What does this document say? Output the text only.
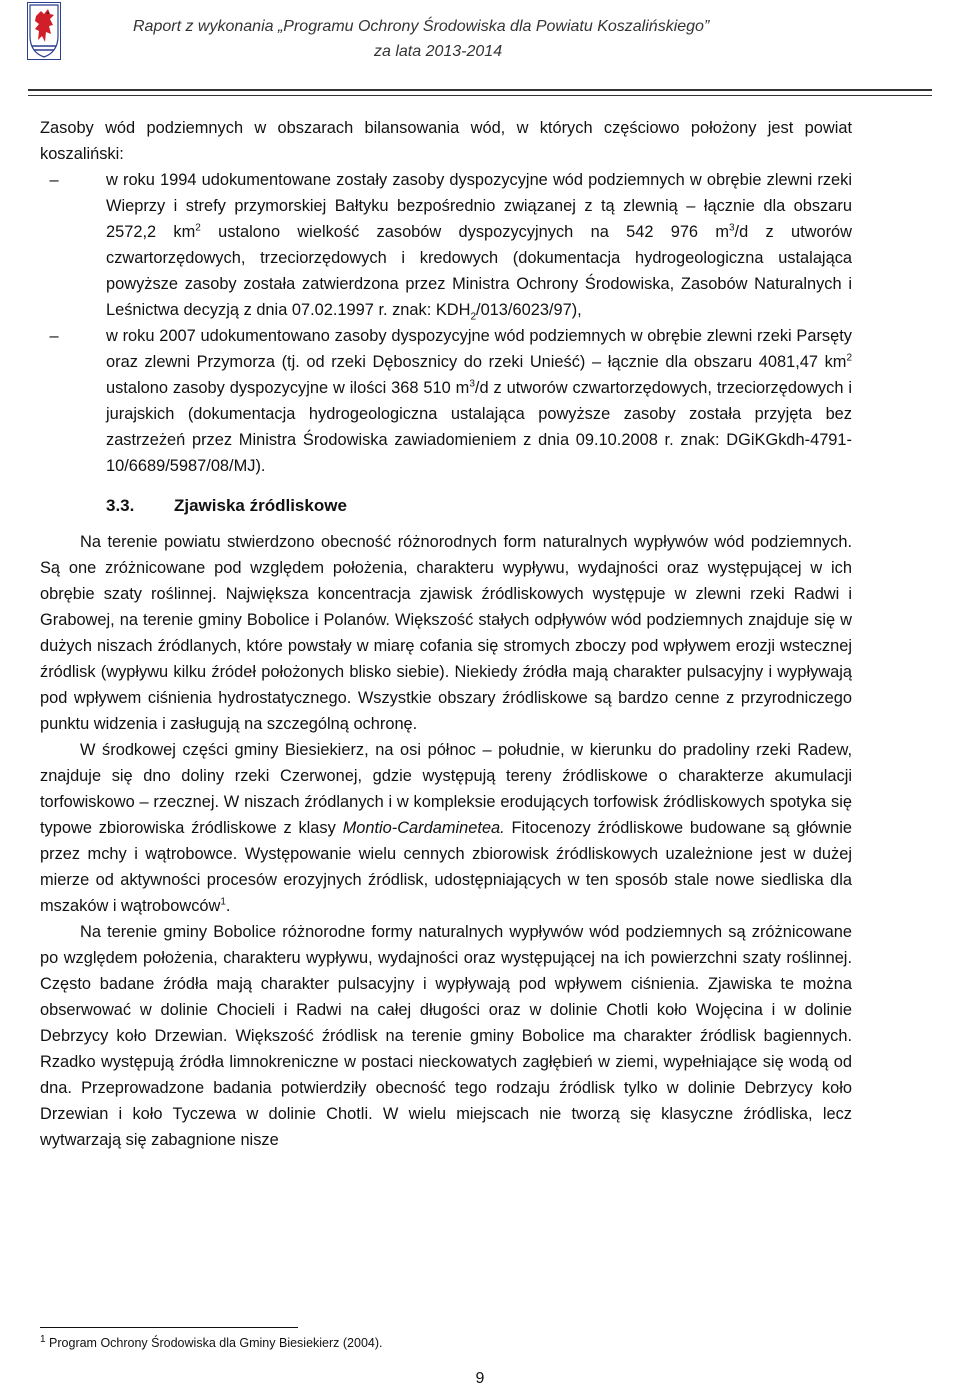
Raport z wykonania „Programu Ochrony Środowiska dla Powiatu Koszalińskiego”
za lata 2013-2014

Zasoby wód podziemnych w obszarach bilansowania wód, w których częściowo położony jest powiat koszaliński:

–	w roku 1994 udokumentowane zostały zasoby dyspozycyjne wód podziemnych w obrębie zlewni rzeki Wieprzy i strefy przymorskiej Bałtyku bezpośrednio związanej z tą zlewnią – łącznie dla obszaru 2572,2 $km^2$ ustalono wielkość zasobów dyspozycyjnych na 542 976 $m^3/d$ z utworów czwartorzędowych, trzeciorzędowych i kredowych (dokumentacja hydrogeologiczna ustalająca powyższe zasoby została zatwierdzona przez Ministra Ochrony Środowiska, Zasobów Naturalnych i Leśnictwa decyzją z dnia 07.02.1997 r. znak: $KDH_2/013/6023/97$),
–	w roku 2007 udokumentowano zasoby dyspozycyjne wód podziemnych w obrębie zlewni rzeki Parsęty oraz zlewni Przymorza (tj. od rzeki Dębosznicy do rzeki Unieść) – łącznie dla obszaru 4081,47 $km^2$ ustalono zasoby dyspozycyjne w ilości 368 510 $m^3/d$ z utworów czwartorzędowych, trzeciorzędowych i jurajskich (dokumentacja hydrogeologiczna ustalająca powyższe zasoby została przyjęta bez zastrzeżeń przez Ministra Środowiska zawiadomieniem z dnia 09.10.2008 r. znak: DGiKGkdh-4791-10/6689/5987/08/MJ).
3.3. Zjawiska źródliskowe

Na terenie powiatu stwierdzono obecność różnorodnych form naturalnych wypływów wód podziemnych. Są one zróżnicowane pod względem położenia, charakteru wypływu, wydajności oraz występującej w ich obrębie szaty roślinnej. Największa koncentracja zjawisk źródliskowych występuje w zlewni rzeki Radwi i Grabowej, na terenie gminy Bobolice i Polanów. Większość stałych odpływów wód podziemnych znajduje się w dużych niszach źródlanych, które powstały w miarę cofania się stromych zboczy pod wpływem erozji wstecznej źródlisk (wypływu kilku źródeł położonych blisko siebie). Niekiedy źródła mają charakter pulsacyjny i wypływają pod wpływem ciśnienia hydrostatycznego. Wszystkie obszary źródliskowe są bardzo cenne z przyrodniczego punktu widzenia i zasługują na szczególną ochronę.

W środkowej części gminy Biesiekierz, na osi północ – południe, w kierunku do pradoliny rzeki Radew, znajduje się dno doliny rzeki Czerwonej, gdzie występują tereny źródliskowe o charakterze akumulacji torfowiskowo – rzecznej. W niszach źródlanych i w kompleksie erodujących torfowisk źródliskowych spotyka się typowe zbiorowiska źródliskowe z klasy Montio-Cardaminetea. Fitocenozy źródliskowe budowane są głównie przez mchy i wątrobowce. Występowanie wielu cennych zbiorowisk źródliskowych uzależnione jest w dużej mierze od aktywności procesów erozyjnych źródlisk, udostępniających w ten sposób stale nowe siedliska dla mszaków i wątrobowców$^1$.

Na terenie gminy Bobolice różnorodne formy naturalnych wypływów wód podziemnych są zróżnicowane po względem położenia, charakteru wypływu, wydajności oraz występującej na ich powierzchni szaty roślinnej. Często badane źródła mają charakter pulsacyjny i wypływają pod wpływem ciśnienia. Zjawiska te można obserwować w dolinie Chocieli i Radwi na całej długości oraz w dolinie Chotli koło Wojęcina i w dolinie Debrzycy koło Drzewian. Większość źródlisk na terenie gminy Bobolice ma charakter źródlisk bagiennych. Rzadko występują źródła limnokreniczne w postaci nieckowatych zagłębień w ziemi, wypełniające się wodą od dna. Przeprowadzone badania potwierdziły obecność tego rodzaju źródlisk tylko w dolinie Debrzycy koło Drzewian i koło Tyczewa w dolinie Chotli. W wielu miejscach nie tworzą się klasyczne źródliska, lecz wytwarzają się zabagnione nisze

$^1$ Program Ochrony Środowiska dla Gminy Biesiekierz (2004).
9
